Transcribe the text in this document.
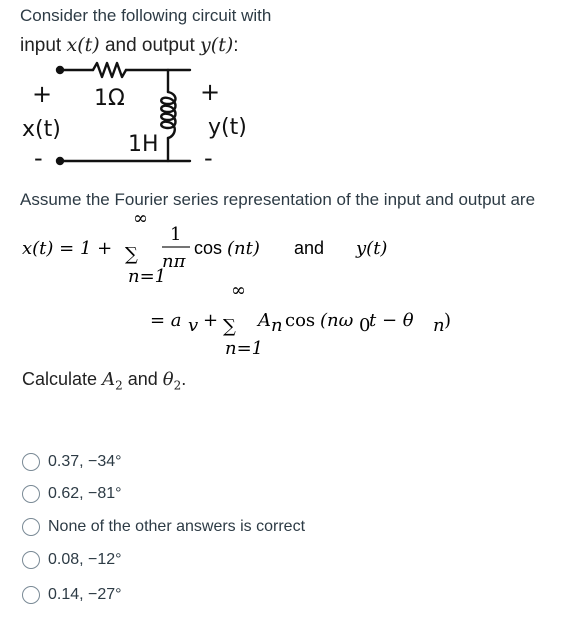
Consider the following circuit with
input x(t) and output y(t):
1Ω
1H
+
x(t)
-
+
y(t)
-
Assume the Fourier series representation of the input and output are
x(t) = 1 +
∞
∑
n=1
1
nπ
cos (nt) and y(t)
= a v +
∞
∑
n=1
A n cos (nω 0
t − θ n )
Calculate $A_2$ and $\theta_2$.
0.37, −34°
0.62, −81°
None of the other answers is correct
0.08, −12°
0.14, −27°
